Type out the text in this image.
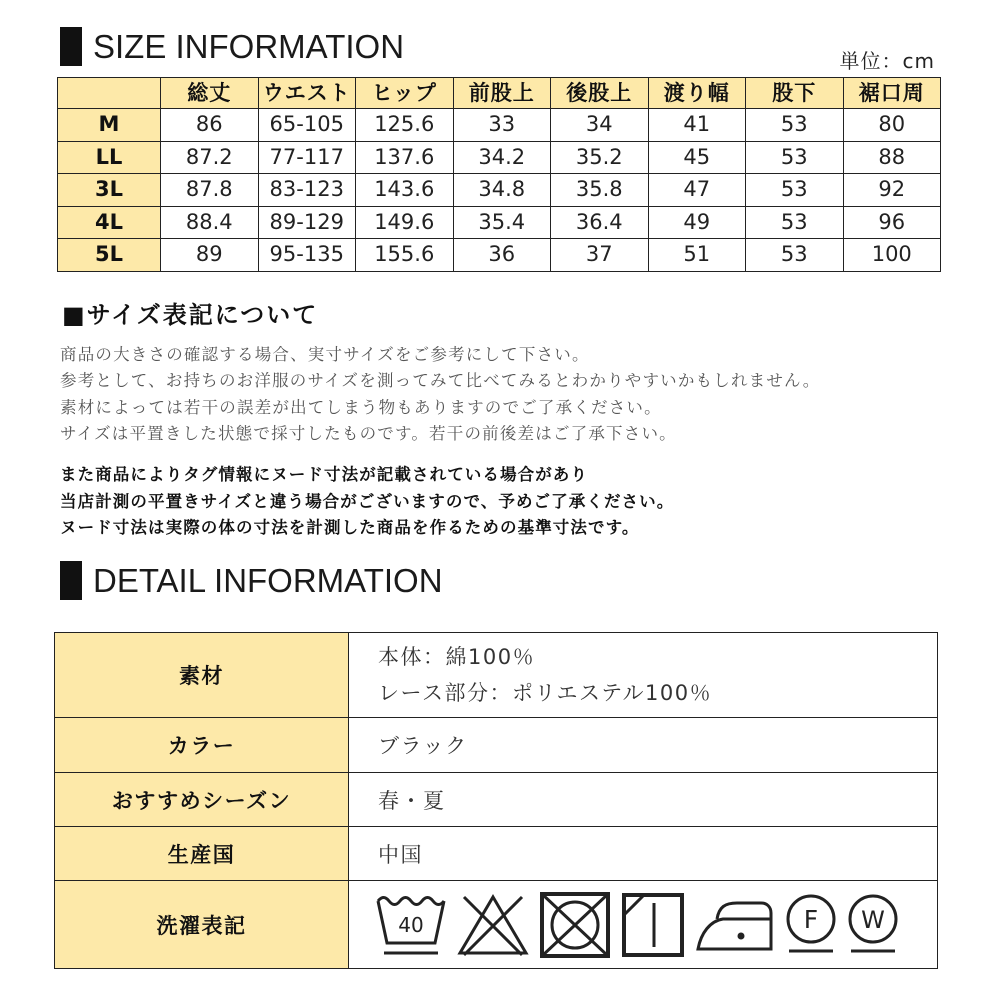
SIZE INFORMATION	単位：cm
	総丈	ウエスト	ヒップ	前股上	後股上	渡り幅	股下	裾口周
M	86	65-105	125.6	33	34	41	53	80
LL	87.2	77-117	137.6	34.2	35.2	45	53	88
3L	87.8	83-123	143.6	34.8	35.8	47	53	92
4L	88.4	89-129	149.6	35.4	36.4	49	53	96
5L	89	95-135	155.6	36	37	51	53	100
■サイズ表記について
商品の大きさの確認する場合、実寸サイズをご参考にして下さい。
参考として、お持ちのお洋服のサイズを測ってみて比べてみるとわかりやすいかもしれません。
素材によっては若干の誤差が出てしまう物もありますのでご了承ください。
サイズは平置きした状態で採寸したものです。若干の前後差はご了承下さい。
また商品によりタグ情報にヌード寸法が記載されている場合があり
当店計測の平置きサイズと違う場合がございますので、予めご了承ください。
ヌード寸法は実際の体の寸法を計測した商品を作るための基準寸法です。
DETAIL INFORMATION
素材	本体：綿100％
レース部分：ポリエステル100％

カラー	ブラック
おすすめシーズン	春・夏
生産国	中国
洗濯表記	40 F W
